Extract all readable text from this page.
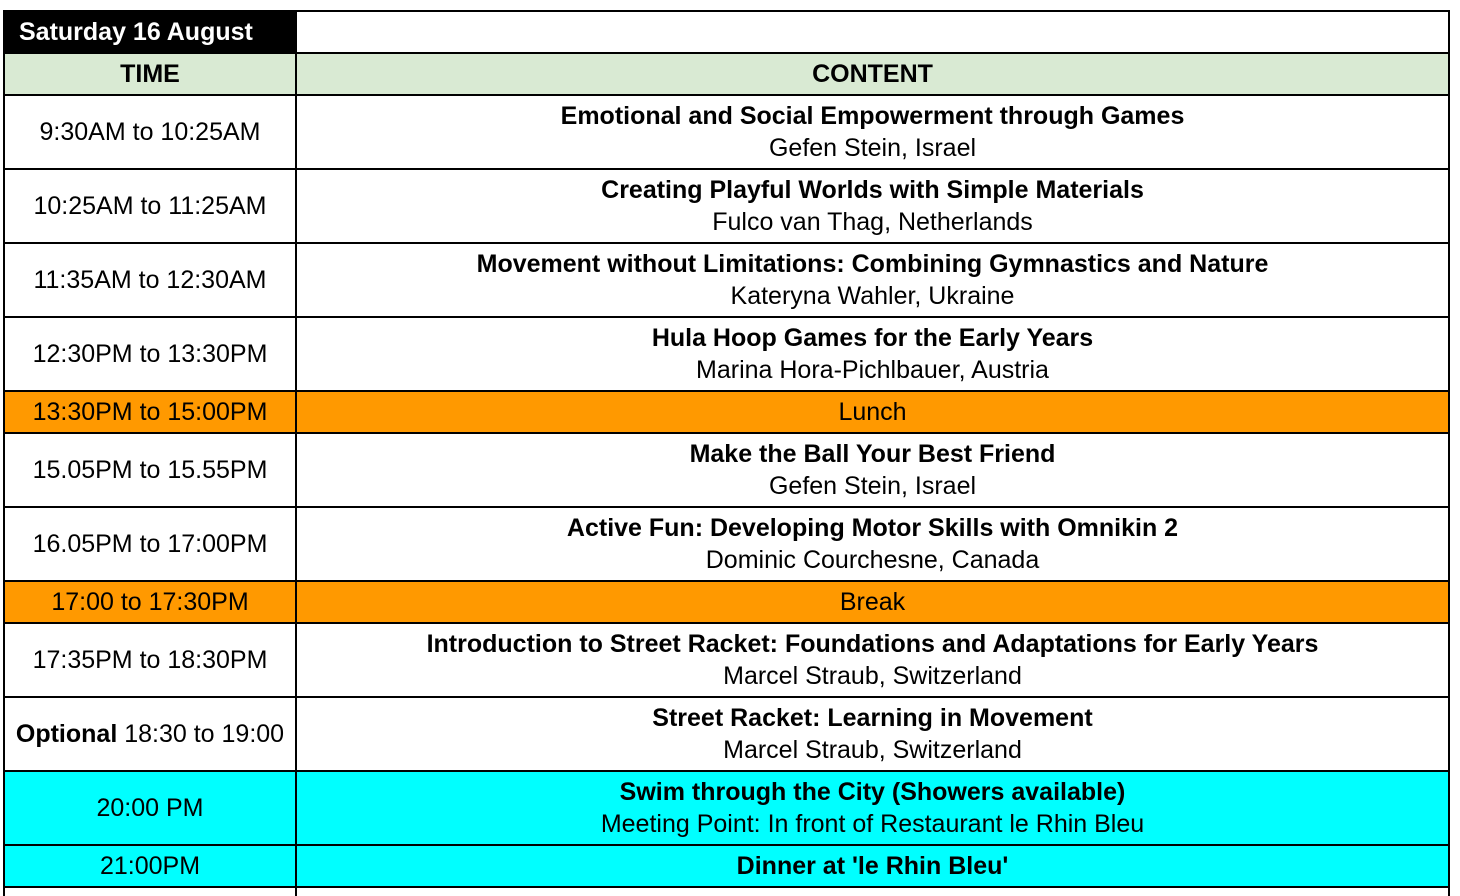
Saturday 16 August	
TIME	CONTENT
9:30AM to 10:25AM	Emotional and Social Empowerment through Games
Gefen Stein, Israel

10:25AM to 11:25AM	Creating Playful Worlds with Simple Materials
Fulco van Thag, Netherlands

11:35AM to 12:30AM	Movement without Limitations: Combining Gymnastics and Nature
Kateryna Wahler, Ukraine

12:30PM to 13:30PM	Hula Hoop Games for the Early Years
Marina Hora-Pichlbauer, Austria

13:30PM to 15:00PM	Lunch
15.05PM to 15.55PM	Make the Ball Your Best Friend
Gefen Stein, Israel

16.05PM to 17:00PM	Active Fun: Developing Motor Skills with Omnikin 2
Dominic Courchesne, Canada

17:00 to 17:30PM	Break
17:35PM to 18:30PM	Introduction to Street Racket: Foundations and Adaptations for Early Years
Marcel Straub, Switzerland

Optional 18:30 to 19:00	Street Racket: Learning in Movement
Marcel Straub, Switzerland

20:00 PM	Swim through the City (Showers available)
Meeting Point: In front of Restaurant le Rhin Bleu

21:00PM	Dinner at 'le Rhin Bleu'
